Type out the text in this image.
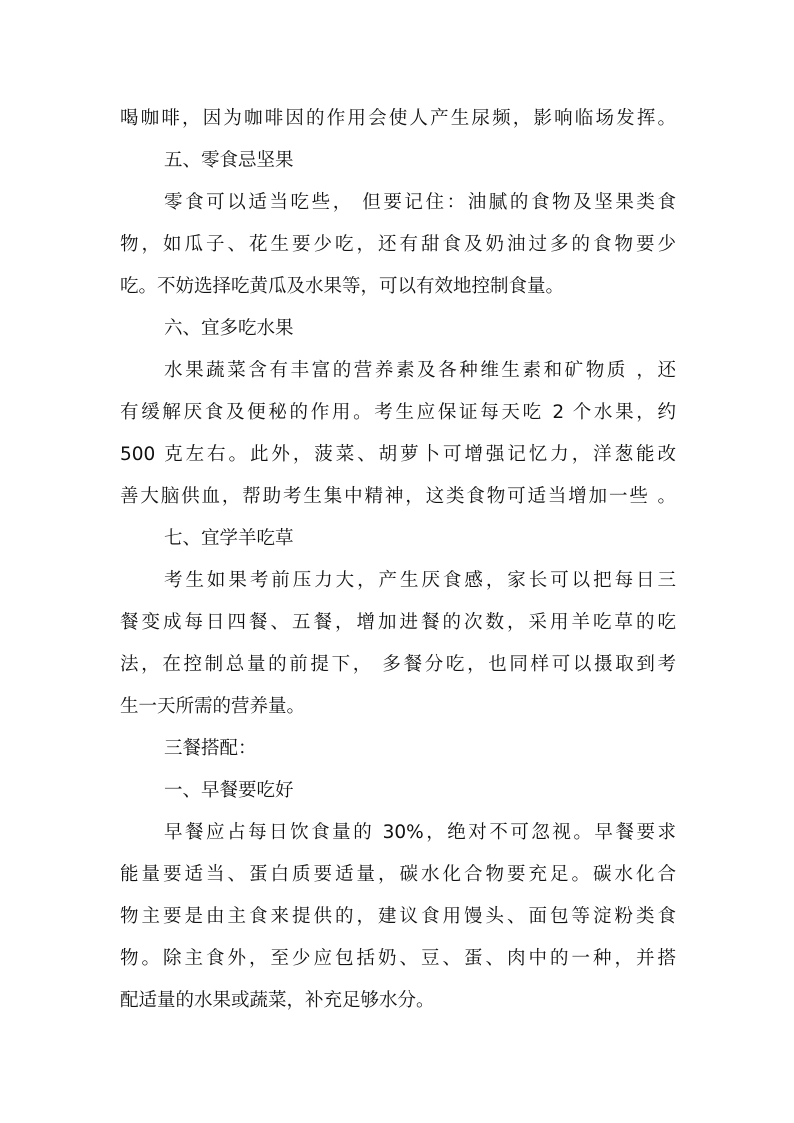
喝咖啡，因为咖啡因的作用会使人产生尿频，影响临场发挥。
五、零食忌坚果
零食可以适当吃些， 但要记住：油腻的食物及坚果类食
物，如瓜子、花生要少吃，还有甜食及奶油过多的食物要少
吃。不妨选择吃黄瓜及水果等，可以有效地控制食量。
六、宜多吃水果
水果蔬菜含有丰富的营养素及各种维生素和矿物质 ，还
有缓解厌食及便秘的作用。考生应保证每天吃 2 个水果，约
500 克左右。此外，菠菜、胡萝卜可增强记忆力，洋葱能改
善大脑供血，帮助考生集中精神，这类食物可适当增加一些 。
七、宜学羊吃草
考生如果考前压力大，产生厌食感，家长可以把每日三
餐变成每日四餐、五餐，增加进餐的次数，采用羊吃草的吃
法，在控制总量的前提下， 多餐分吃，也同样可以摄取到考
生一天所需的营养量。
三餐搭配：
一、早餐要吃好
早餐应占每日饮食量的 30%，绝对不可忽视。早餐要求
能量要适当、蛋白质要适量，碳水化合物要充足。碳水化合
物主要是由主食来提供的，建议食用馒头、面包等淀粉类食
物。除主食外，至少应包括奶、豆、蛋、肉中的一种，并搭
配适量的水果或蔬菜，补充足够水分。
